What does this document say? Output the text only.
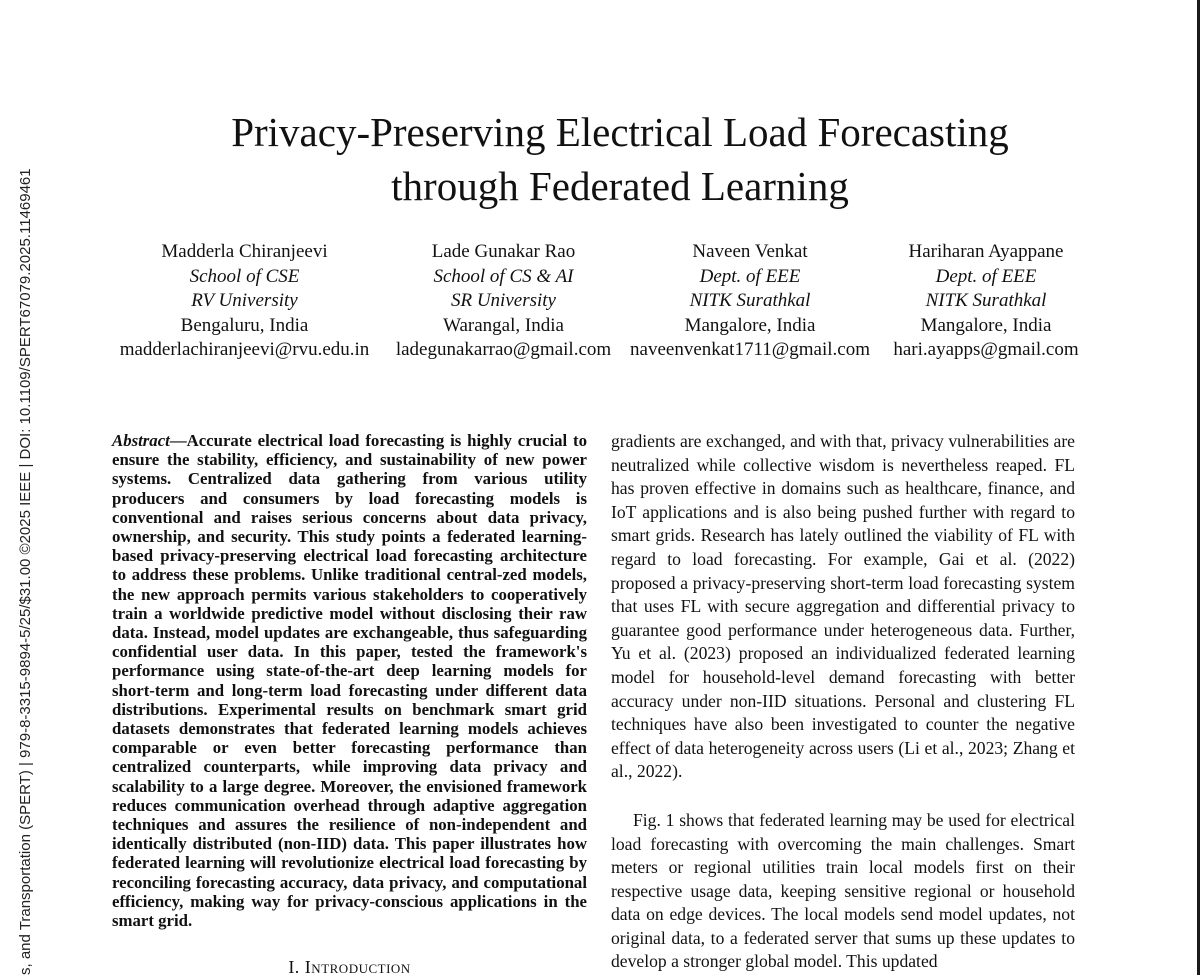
s, and Transportation (SPERT) | 979-8-3315-9894-5/25/$31.00 ©2025 IEEE | DOI: 10.1109/SPERT67079.2025.11469461
Privacy-Preserving Electrical Load Forecasting
through Federated Learning
Madderla Chiranjeevi
School of CSE
RV University
Bengaluru, India
madderlachiranjeevi@rvu.edu.in
Lade Gunakar Rao
School of CS & AI
SR University
Warangal, India
ladegunakarrao@gmail.com
Naveen Venkat
Dept. of EEE
NITK Surathkal
Mangalore, India
naveenvenkat1711@gmail.com
Hariharan Ayappane
Dept. of EEE
NITK Surathkal
Mangalore, India
hari.ayapps@gmail.com
Abstract—Accurate electrical load forecasting is highly crucial to ensure the stability, efficiency, and sustainability of new power systems. Centralized data gathering from various utility producers and consumers by load forecasting models is conventional and raises serious concerns about data privacy, ownership, and security. This study points a federated learning-based privacy-preserving electrical load forecasting architecture to address these problems. Unlike traditional central-zed models, the new approach permits various stakeholders to cooperatively train a worldwide predictive model without disclosing their raw data. Instead, model updates are exchangeable, thus safeguarding confidential user data. In this paper, tested the framework's performance using state-of-the-art deep learning models for short-term and long-term load forecasting under different data distributions. Experimental results on benchmark smart grid datasets demonstrates that federated learning models achieves comparable or even better forecasting performance than centralized counterparts, while improving data privacy and scalability to a large degree. Moreover, the envisioned framework reduces communication overhead through adaptive aggregation techniques and assures the resilience of non-independent and identically distributed (non-IID) data. This paper illustrates how federated learning will revolutionize electrical load forecasting by reconciling forecasting accuracy, data privacy, and computational efficiency, making way for privacy-conscious applications in the smart grid.
I. Introduction

gradients are exchanged, and with that, privacy vulnerabilities are neutralized while collective wisdom is nevertheless reaped. FL has proven effective in domains such as healthcare, finance, and IoT applications and is also being pushed further with regard to smart grids. Research has lately outlined the viability of FL with regard to load forecasting. For example, Gai et al. (2022) proposed a privacy-preserving short-term load forecasting system that uses FL with secure aggregation and differential privacy to guarantee good performance under heterogeneous data. Further, Yu et al. (2023) proposed an individualized federated learning model for household-level demand forecasting with better accuracy under non-IID situations. Personal and clustering FL techniques have also been investigated to counter the negative effect of data heterogeneity across users (Li et al., 2023; Zhang et al., 2022).

Fig. 1 shows that federated learning may be used for electrical load forecasting with overcoming the main challenges. Smart meters or regional utilities train local models first on their respective usage data, keeping sensitive regional or household data on edge devices. The local models send model updates, not original data, to a federated server that sums up these updates to develop a stronger global model. This updated
